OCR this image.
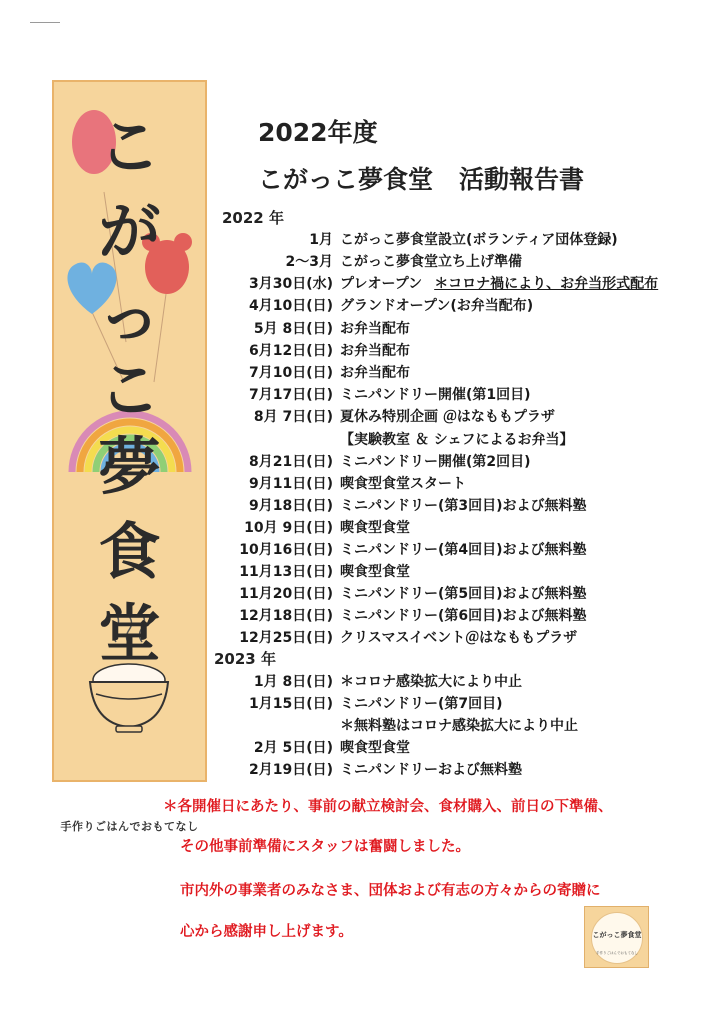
こ
が
っ
こ
夢
食
堂
手作りごはんでおもてなし
2022年度
こがっこ夢食堂 活動報告書
2022 年
2023 年
1月 こがっこ夢食堂設立(ボランティア団体登録)
2～3月 こがっこ夢食堂立ち上げ準備
3月30日(水) プレオープン ＊コロナ禍により、お弁当形式配布
4月10日(日) グランドオープン(お弁当配布)
5月 8日(日) お弁当配布
6月12日(日) お弁当配布
7月10日(日) お弁当配布
7月17日(日) ミニパンドリー開催(第1回目)
8月 7日(日) 夏休み特別企画 ＠はなももプラザ
【実験教室 ＆ シェフによるお弁当】
8月21日(日) ミニパンドリー開催(第2回目)
9月11日(日) 喫食型食堂スタート
9月18日(日) ミニパンドリー(第3回目)および無料塾
10月 9日(日) 喫食型食堂
10月16日(日) ミニパンドリー(第4回目)および無料塾
11月13日(日) 喫食型食堂
11月20日(日) ミニパンドリー(第5回目)および無料塾
12月18日(日) ミニパンドリー(第6回目)および無料塾
12月25日(日) クリスマスイベント＠はなももプラザ
1月 8日(日) ＊コロナ感染拡大により中止
1月15日(日) ミニパンドリー(第7回目)
＊無料塾はコロナ感染拡大により中止
2月 5日(日) 喫食型食堂
2月19日(日) ミニパンドリーおよび無料塾
＊各開催日にあたり、事前の献立検討会、食材購入、前日の下準備、
その他事前準備にスタッフは奮闘しました。
市内外の事業者のみなさま、団体および有志の方々からの寄贈に
心から感謝申し上げます。	こがっこ夢食堂
手作りごはんでおもてなし
